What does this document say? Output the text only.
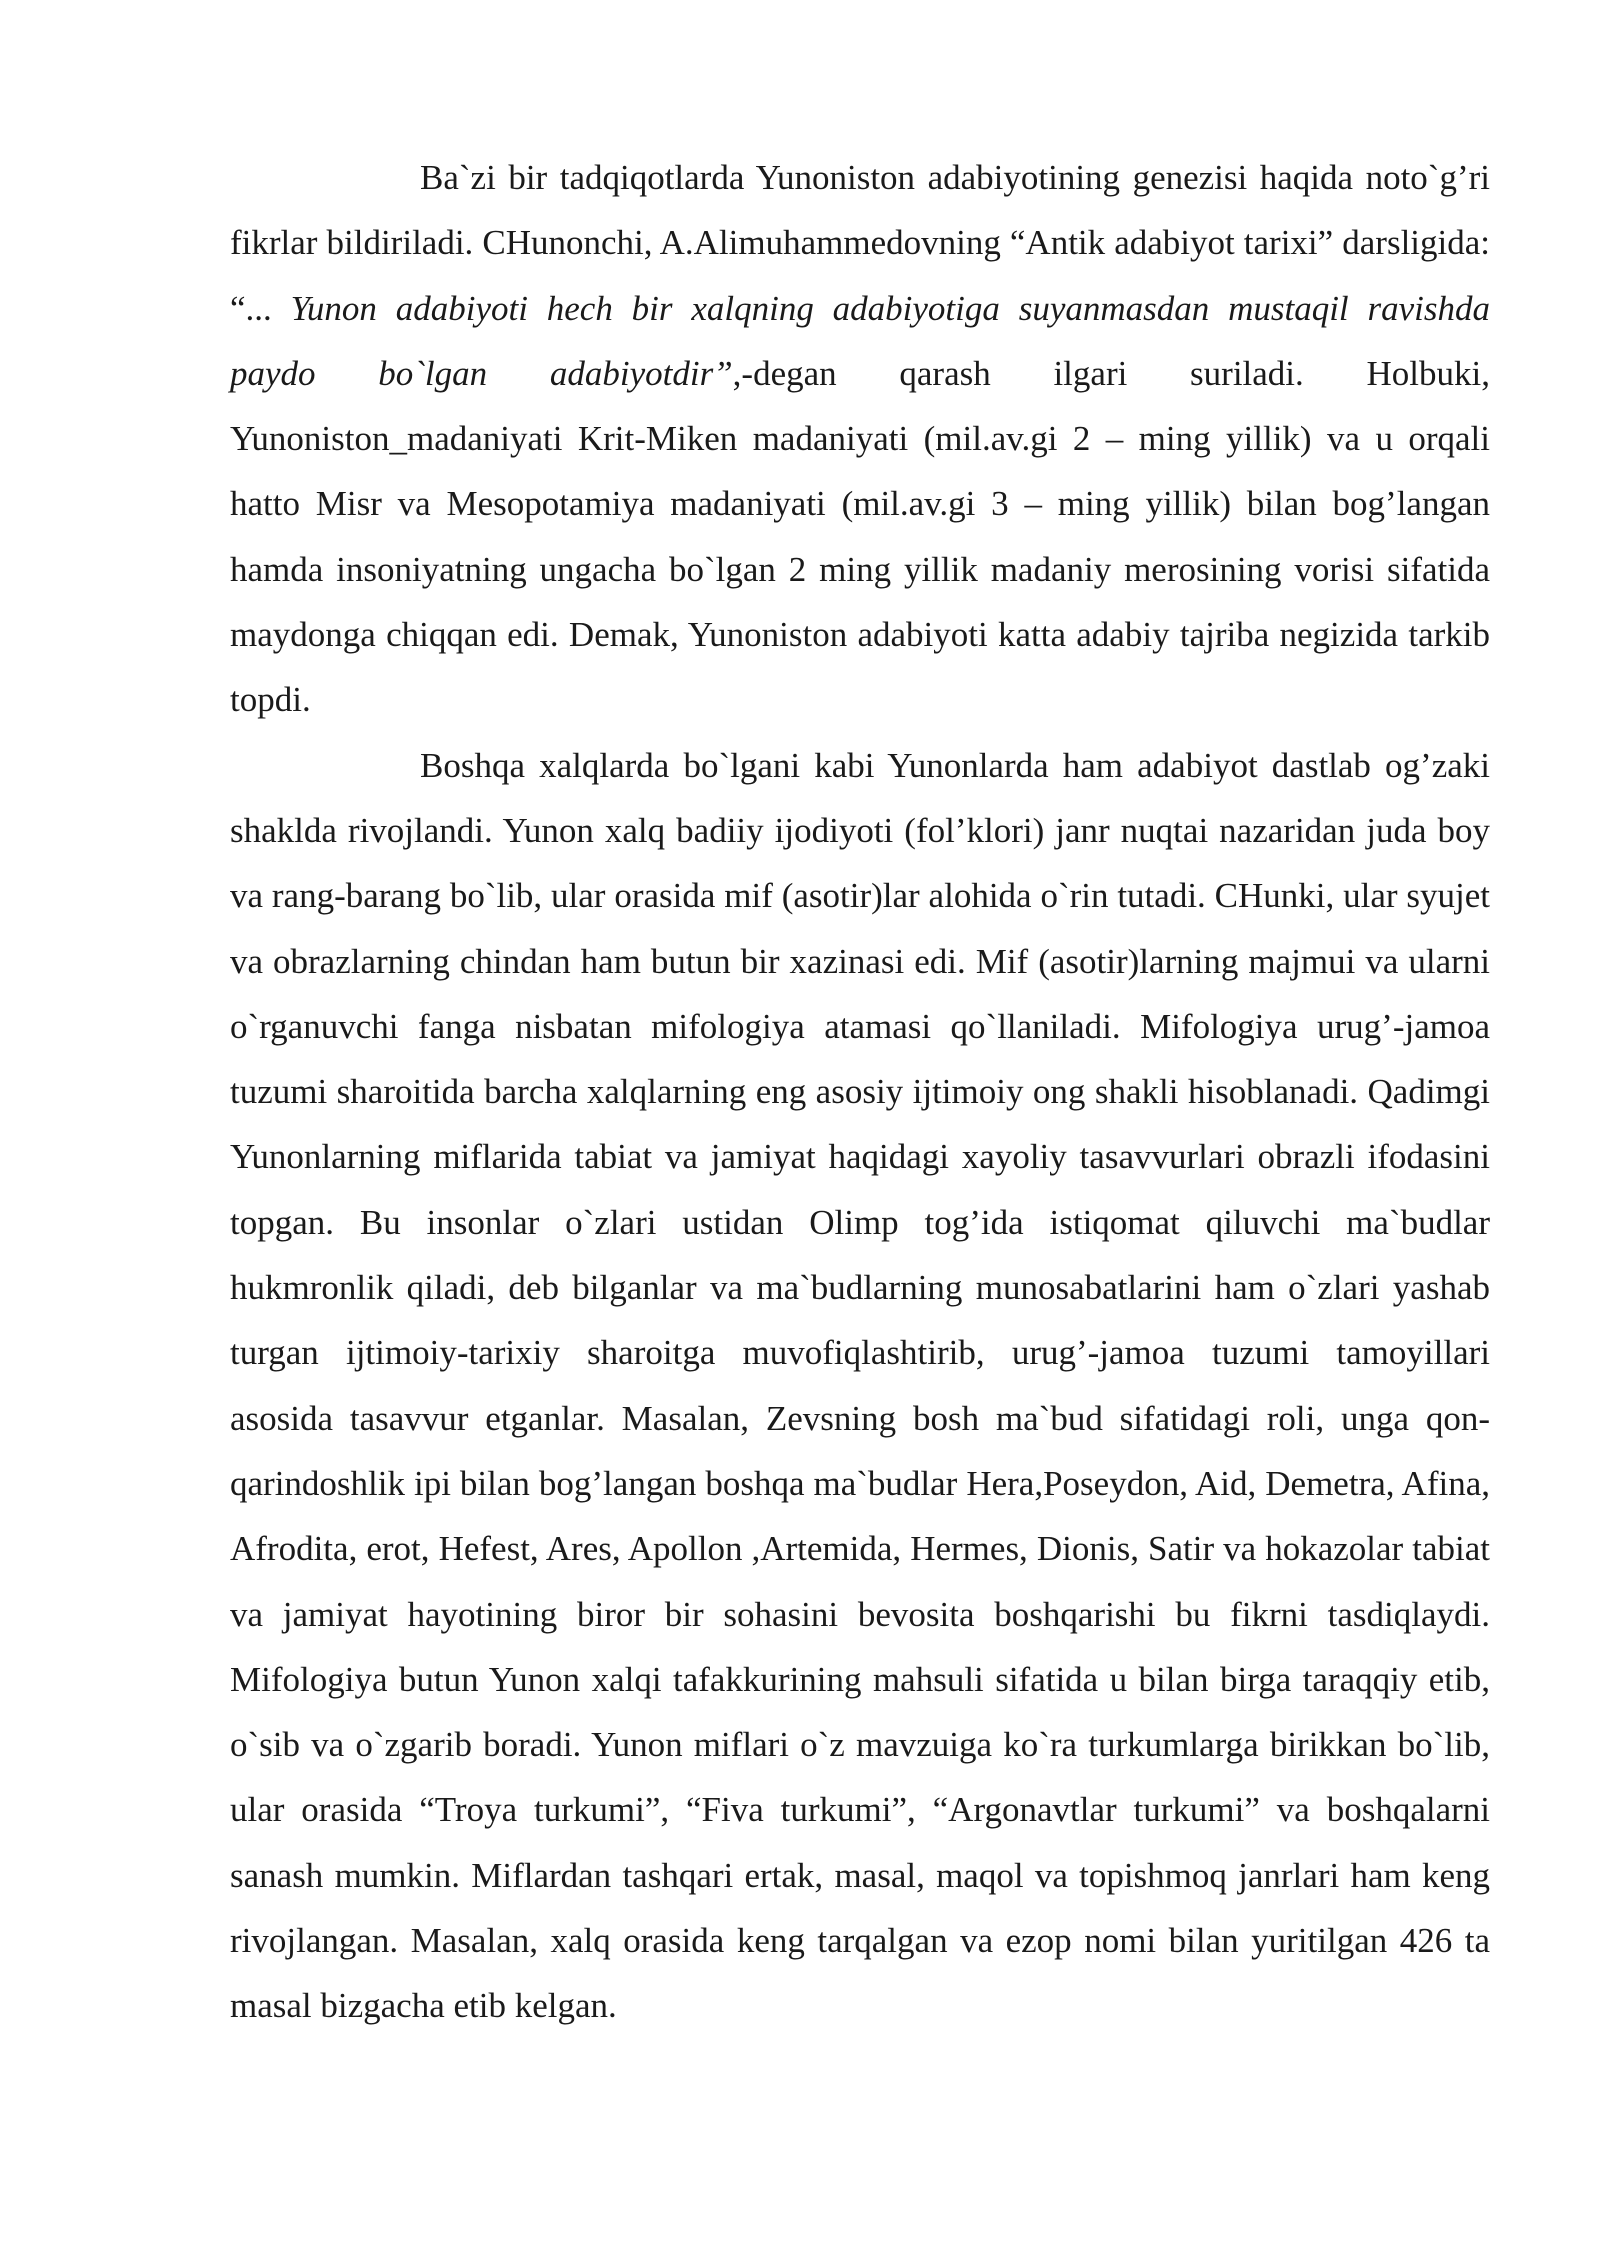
Ba`zi bir tadqiqotlarda Yunoniston adabiyotining genezisi haqida noto`g’ri fikrlar bildiriladi. CHunonchi, A.Alimuhammedovning “Antik adabiyot tarixi” darsligida: “... Yunon adabiyoti hech bir xalqning adabiyotiga suyanmasdan mustaqil ravishda paydo bo`lgan adabiyotdir”,-degan qarash ilgari suriladi. Holbuki, Yunoniston_madaniyati Krit-Miken madaniyati (mil.av.gi 2 – ming yillik) va u orqali hatto Misr va Mesopotamiya madaniyati (mil.av.gi 3 – ming yillik) bilan bog’langan hamda insoniyatning ungacha bo`lgan 2 ming yillik madaniy merosining vorisi sifatida maydonga chiqqan edi. Demak, Yunoniston adabiyoti katta adabiy tajriba negizida tarkib topdi.

Boshqa xalqlarda bo`lgani kabi Yunonlarda ham adabiyot dastlab og’zaki shaklda rivojlandi. Yunon xalq badiiy ijodiyoti (fol’klori) janr nuqtai nazaridan juda boy va rang-barang bo`lib, ular orasida mif (asotir)lar alohida o`rin tutadi. CHunki, ular syujet va obrazlarning chindan ham butun bir xazinasi edi. Mif (asotir)larning majmui va ularni o`rganuvchi fanga nisbatan mifologiya atamasi qo`llaniladi. Mifologiya urug’-jamoa tuzumi sharoitida barcha xalqlarning eng asosiy ijtimoiy ong shakli hisoblanadi. Qadimgi Yunonlarning miflarida tabiat va jamiyat haqidagi xayoliy tasavvurlari obrazli ifodasini topgan. Bu insonlar o`zlari ustidan Olimp tog’ida istiqomat qiluvchi ma`budlar hukmronlik qiladi, deb bilganlar va ma`budlarning munosabatlarini ham o`zlari yashab turgan ijtimoiy-tarixiy sharoitga muvofiqlashtirib, urug’-jamoa tuzumi tamoyillari asosida tasavvur etganlar. Masalan, Zevsning bosh ma`bud sifatidagi roli, unga qon-qarindoshlik ipi bilan bog’langan boshqa ma`budlar Hera,Poseydon, Aid, Demetra, Afina, Afrodita, erot, Hefest, Ares, Apollon ,Artemida, Hermes, Dionis, Satir va hokazolar tabiat va jamiyat hayotining biror bir sohasini bevosita boshqarishi bu fikrni tasdiqlaydi. Mifologiya butun Yunon xalqi tafakkurining mahsuli sifatida u bilan birga taraqqiy etib, o`sib va o`zgarib boradi. Yunon miflari o`z mavzuiga ko`ra turkumlarga birikkan bo`lib, ular orasida “Troya turkumi”, “Fiva turkumi”, “Argonavtlar turkumi” va boshqalarni sanash mumkin. Miflardan tashqari ertak, masal, maqol va topishmoq janrlari ham keng rivojlangan. Masalan, xalq orasida keng tarqalgan va ezop nomi bilan yuritilgan 426 ta masal bizgacha etib kelgan.
